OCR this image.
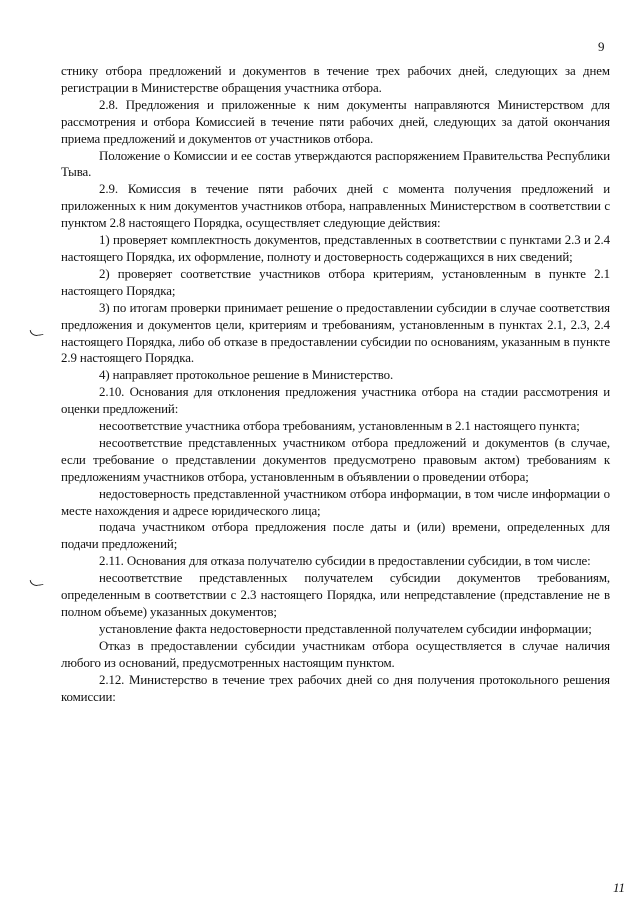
9

стнику отбора предложений и документов в течение трех рабочих дней, следующих за днем регистрации в Министерстве обращения участника отбора.

2.8. Предложения и приложенные к ним документы направляются Министерством для рассмотрения и отбора Комиссией в течение пяти рабочих дней, следующих за датой окончания приема предложений и документов от участников отбора.

Положение о Комиссии и ее состав утверждаются распоряжением Правительства Республики Тыва.

2.9. Комиссия в течение пяти рабочих дней с момента получения предложений и приложенных к ним документов участников отбора, направленных Министерством в соответствии с пунктом 2.8 настоящего Порядка, осуществляет следующие действия:

1) проверяет комплектность документов, представленных в соответствии с пунктами 2.3 и 2.4 настоящего Порядка, их оформление, полноту и достоверность содержащихся в них сведений;

2) проверяет соответствие участников отбора критериям, установленным в пункте 2.1 настоящего Порядка;

3) по итогам проверки принимает решение о предоставлении субсидии в случае соответствия предложения и документов цели, критериям и требованиям, установленным в пунктах 2.1, 2.3, 2.4 настоящего Порядка, либо об отказе в предоставлении субсидии по основаниям, указанным в пункте 2.9 настоящего Порядка.

4) направляет протокольное решение в Министерство.

2.10. Основания для отклонения предложения участника отбора на стадии рассмотрения и оценки предложений:

несоответствие участника отбора требованиям, установленным в 2.1 настоящего пункта;

несоответствие представленных участником отбора предложений и документов (в случае, если требование о представлении документов предусмотрено правовым актом) требованиям к предложениям участников отбора, установленным в объявлении о проведении отбора;

недостоверность представленной участником отбора информации, в том числе информации о месте нахождения и адресе юридического лица;

подача участником отбора предложения после даты и (или) времени, определенных для подачи предложений;

2.11. Основания для отказа получателю субсидии в предоставлении субсидии, в том числе:

несоответствие представленных получателем субсидии документов требованиям, определенным в соответствии с 2.3 настоящего Порядка, или непредставление (представление не в полном объеме) указанных документов;

установление факта недостоверности представленной получателем субсидии информации;

Отказ в предоставлении субсидии участникам отбора осуществляется в случае наличия любого из оснований, предусмотренных настоящим пунктом.

2.12. Министерство в течение трех рабочих дней со дня получения протокольного решения комиссии:

11
